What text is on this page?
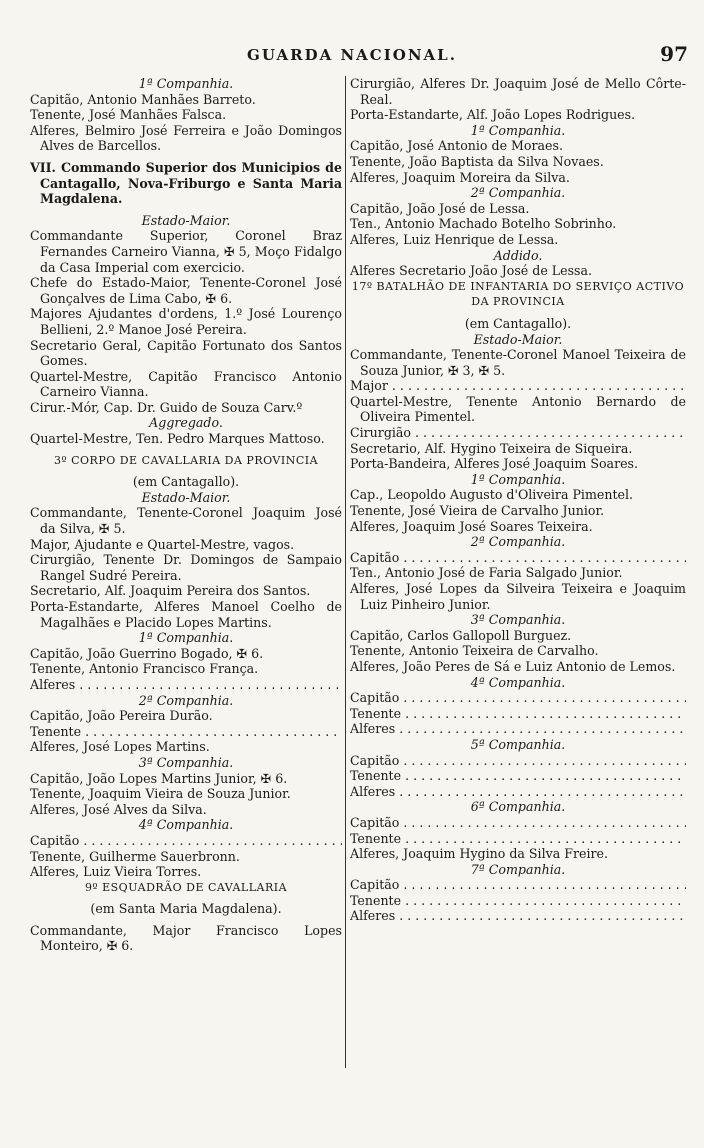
GUARDA NACIONAL.	97
1ª Companhia.
Capitão, Antonio Manhães Barreto.
Tenente, José Manhães Falsca.
Alferes, Belmiro José Ferreira e João Domingos Alves de Barcellos.
VII. Commando Superior dos Municipios de Cantagallo, Nova-Friburgo e Santa Maria Magdalena.
Estado-Maior.
Commandante Superior, Coronel Braz Fernandes Carneiro Vianna, ✠ 5, Moço Fidalgo da Casa Imperial com exercicio.
Chefe do Estado-Maior, Tenente-Coronel José Gonçalves de Lima Cabo, ✠ 6.
Majores Ajudantes d'ordens, 1.º José Lourenço Bellieni, 2.º Manoe José Pereira.
Secretario Geral, Capitão Fortunato dos Santos Gomes.
Quartel-Mestre, Capitão Francisco Antonio Carneiro Vianna.
Cirur.-Mór, Cap. Dr. Guido de Souza Carv.º
Aggregado.
Quartel-Mestre, Ten. Pedro Marques Mattoso.
3º CORPO DE CAVALLARIA DA PROVINCIA
(em Cantagallo).
Estado-Maior.
Commandante, Tenente-Coronel Joaquim José da Silva, ✠ 5.
Major, Ajudante e Quartel-Mestre, vagos.
Cirurgião, Tenente Dr. Domingos de Sampaio Rangel Sudré Pereira.
Secretario, Alf. Joaquim Pereira dos Santos.
Porta-Estandarte, Alferes Manoel Coelho de Magalhães e Placido Lopes Martins.
1ª Companhia.
Capitão, João Guerrino Bogado, ✠ 6.
Tenente, Antonio Francisco França.
Alferes . . .
2ª Companhia.
Capitão, João Pereira Durão.
Tenente . . .
Alferes, José Lopes Martins.
3ª Companhia.
Capitão, João Lopes Martins Junior, ✠ 6.
Tenente, Joaquim Vieira de Souza Junior.
Alferes, José Alves da Silva.
4ª Companhia.
Capitão . . .
Tenente, Guilherme Sauerbronn.
Alferes, Luiz Vieira Torres.
9º ESQUADRÃO DE CAVALLARIA
(em Santa Maria Magdalena).
Commandante, Major Francisco Lopes Monteiro, ✠ 6.
Cirurgião, Alferes Dr. Joaquim José de Mello Côrte-Real.
Porta-Estandarte, Alf. João Lopes Rodrigues.
1ª Companhia.
Capitão, José Antonio de Moraes.
Tenente, João Baptista da Silva Novaes.
Alferes, Joaquim Moreira da Silva.
2ª Companhia.
Capitão, João José de Lessa.
Ten., Antonio Machado Botelho Sobrinho.
Alferes, Luiz Henrique de Lessa.
Addido.
Alferes Secretario João José de Lessa.
17º BATALHÃO DE INFANTARIA DO SERVIÇO ACTIVO DA PROVINCIA
(em Cantagallo).
Estado-Maior.
Commandante, Tenente-Coronel Manoel Teixeira de Souza Junior, ✠ 3, ✠ 5.
Major . . .
Quartel-Mestre, Tenente Antonio Bernardo de Oliveira Pimentel.
Cirurgião . . .
Secretario, Alf. Hygino Teixeira de Siqueira.
Porta-Bandeira, Alferes José Joaquim Soares.
1ª Companhia.
Cap., Leopoldo Augusto d'Oliveira Pimentel.
Tenente, José Vieira de Carvalho Junior.
Alferes, Joaquim José Soares Teixeira.
2ª Companhia.
Capitão . . .
Ten., Antonio José de Faria Salgado Junior.
Alferes, José Lopes da Silveira Teixeira e Joaquim Luiz Pinheiro Junior.
3ª Companhia.
Capitão, Carlos Gallopoll Burguez.
Tenente, Antonio Teixeira de Carvalho.
Alferes, João Peres de Sá e Luiz Antonio de Lemos.
4ª Companhia.
Capitão . . .
Tenente . . .
Alferes . . .
5ª Companhia.
Capitão . . .
Tenente . . .
Alferes . . .
6ª Companhia.
Capitão . . .
Tenente . . .
Alferes, Joaquim Hygino da Silva Freire.
7ª Companhia.
Capitão . . .
Tenente . . .
Alferes . . .
